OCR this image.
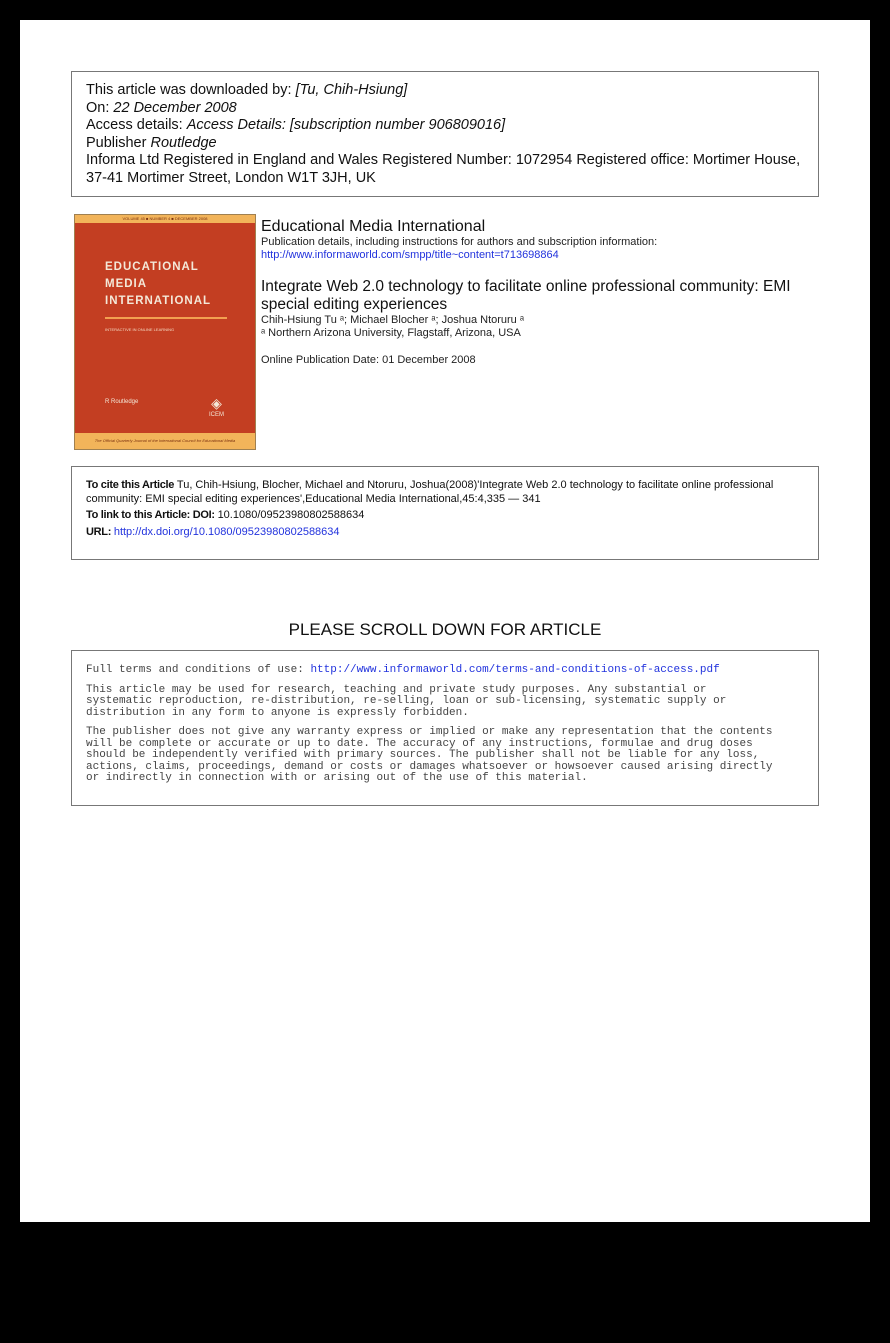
This article was downloaded by: [Tu, Chih-Hsiung]
On: 22 December 2008
Access details: Access Details: [subscription number 906809016]
Publisher Routledge
Informa Ltd Registered in England and Wales Registered Number: 1072954 Registered office: Mortimer House, 37-41 Mortimer Street, London W1T 3JH, UK
VOLUME 45 ■ NUMBER 4 ■ DECEMBER 2008
EDUCATIONAL
MEDIA
INTERNATIONAL
INTERACTIVE IN ONLINE LEARNING
R Routledge	◈
ICEM
The Official Quarterly Journal of the International Council for Educational Media
Educational Media International
Publication details, including instructions for authors and subscription information:
http://www.informaworld.com/smpp/title~content=t713698864
Integrate Web 2.0 technology to facilitate online professional community: EMI special editing experiences
Chih-Hsiung Tu ᵃ; Michael Blocher ᵃ; Joshua Ntoruru ᵃ
ᵃ Northern Arizona University, Flagstaff, Arizona, USA
Online Publication Date: 01 December 2008
To cite this Article Tu, Chih-Hsiung, Blocher, Michael and Ntoruru, Joshua(2008)'Integrate Web 2.0 technology to facilitate online professional community: EMI special editing experiences',Educational Media International,45:4,335 — 341
To link to this Article: DOI: 10.1080/09523980802588634
URL: http://dx.doi.org/10.1080/09523980802588634
PLEASE SCROLL DOWN FOR ARTICLE

Full terms and conditions of use: http://www.informaworld.com/terms-and-conditions-of-access.pdf

This article may be used for research, teaching and private study purposes. Any substantial or
systematic reproduction, re-distribution, re-selling, loan or sub-licensing, systematic supply or
distribution in any form to anyone is expressly forbidden.

The publisher does not give any warranty express or implied or make any representation that the contents
will be complete or accurate or up to date. The accuracy of any instructions, formulae and drug doses
should be independently verified with primary sources. The publisher shall not be liable for any loss,
actions, claims, proceedings, demand or costs or damages whatsoever or howsoever caused arising directly
or indirectly in connection with or arising out of the use of this material.
